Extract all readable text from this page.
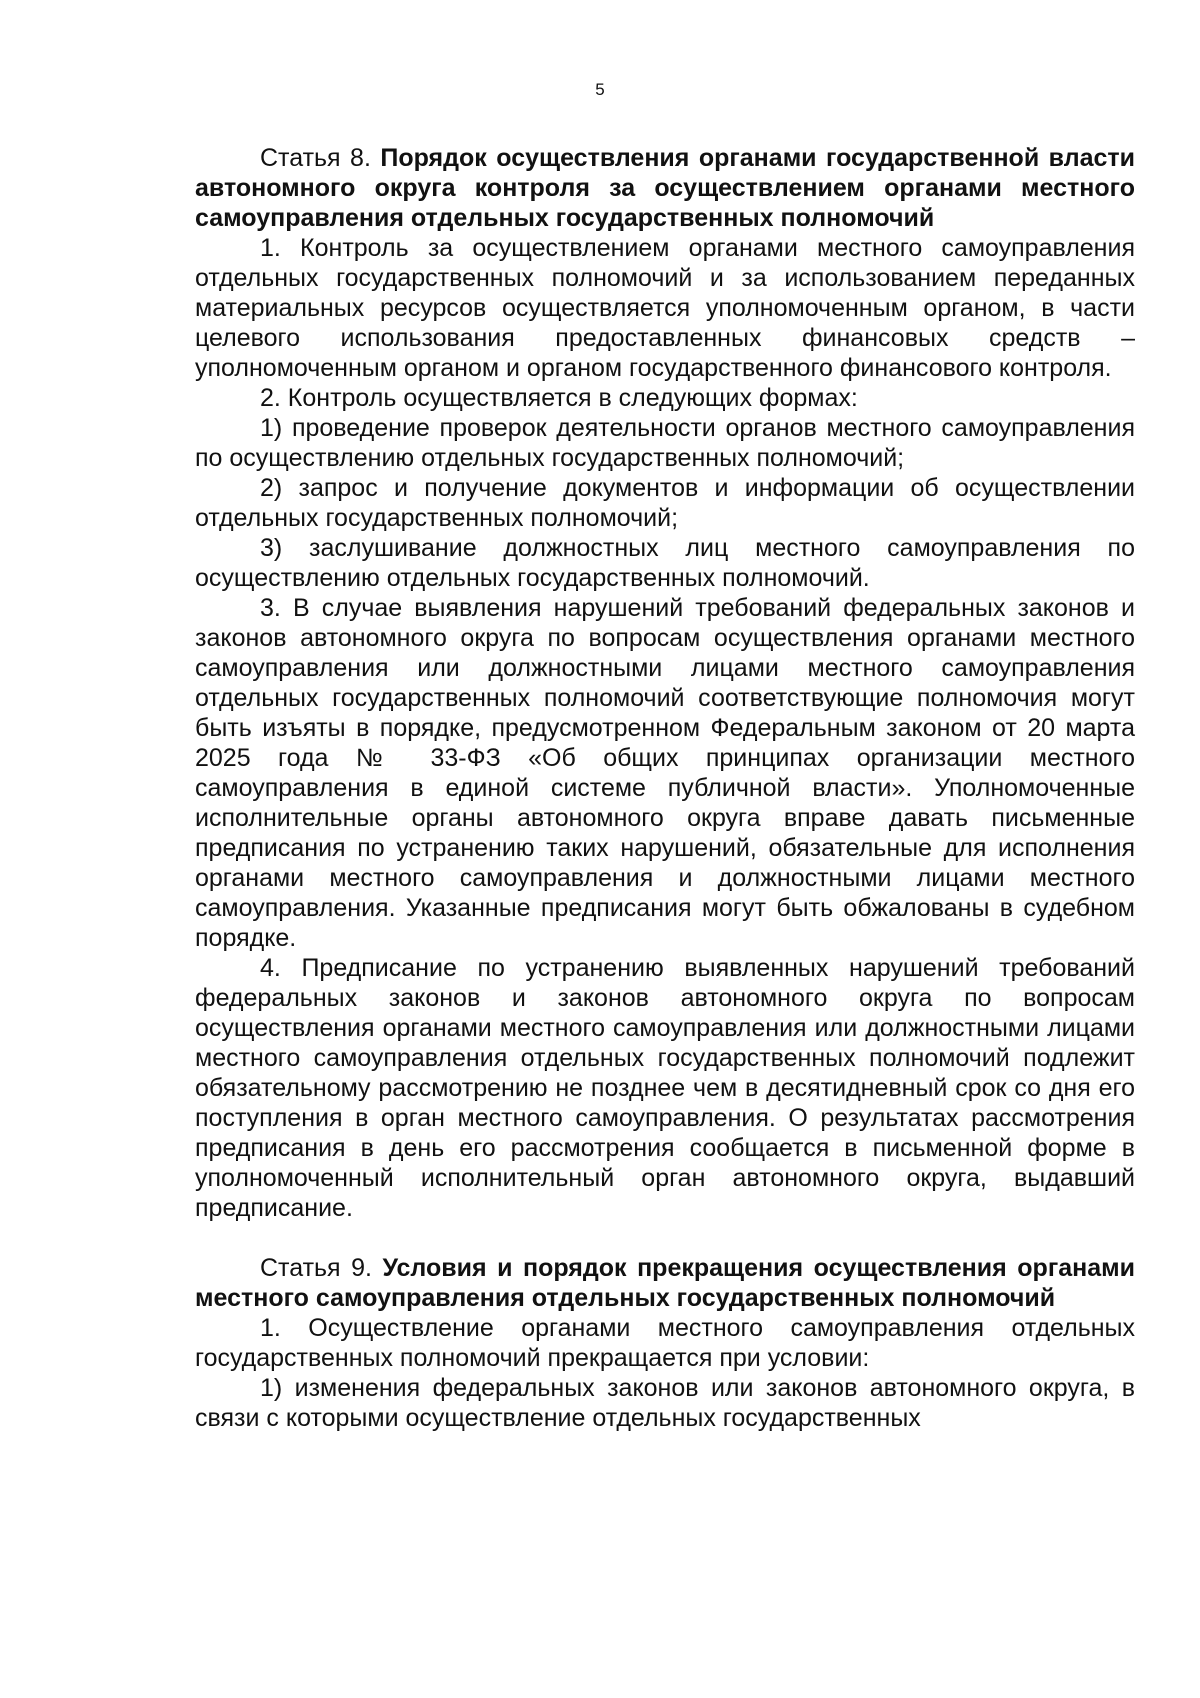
5
Статья 8. Порядок осуществления органами государственной власти автономного округа контроля за осуществлением органами местного самоуправления отдельных государственных полномочий

1. Контроль за осуществлением органами местного самоуправления отдельных государственных полномочий и за использованием переданных материальных ресурсов осуществляется уполномоченным органом, в части целевого использования предоставленных финансовых средств – уполномоченным органом и органом государственного финансового контроля.

2. Контроль осуществляется в следующих формах:

1) проведение проверок деятельности органов местного самоуправления по осуществлению отдельных государственных полномочий;

2) запрос и получение документов и информации об осуществлении отдельных государственных полномочий;

3) заслушивание должностных лиц местного самоуправления по осуществлению отдельных государственных полномочий.

3. В случае выявления нарушений требований федеральных законов и законов автономного округа по вопросам осуществления органами местного самоуправления или должностными лицами местного самоуправления отдельных государственных полномочий соответствующие полномочия могут быть изъяты в порядке, предусмотренном Федеральным законом от 20 марта 2025 года № 33-ФЗ «Об общих принципах организации местного самоуправления в единой системе публичной власти». Уполномоченные исполнительные органы автономного округа вправе давать письменные предписания по устранению таких нарушений, обязательные для исполнения органами местного самоуправления и должностными лицами местного самоуправления. Указанные предписания могут быть обжалованы в судебном порядке.

4. Предписание по устранению выявленных нарушений требований федеральных законов и законов автономного округа по вопросам осуществления органами местного самоуправления или должностными лицами местного самоуправления отдельных государственных полномочий подлежит обязательному рассмотрению не позднее чем в десятидневный срок со дня его поступления в орган местного самоуправления. О результатах рассмотрения предписания в день его рассмотрения сообщается в письменной форме в уполномоченный исполнительный орган автономного округа, выдавший предписание.

Статья 9. Условия и порядок прекращения осуществления органами местного самоуправления отдельных государственных полномочий

1. Осуществление органами местного самоуправления отдельных государственных полномочий прекращается при условии:

1) изменения федеральных законов или законов автономного округа, в связи с которыми осуществление отдельных государственных
